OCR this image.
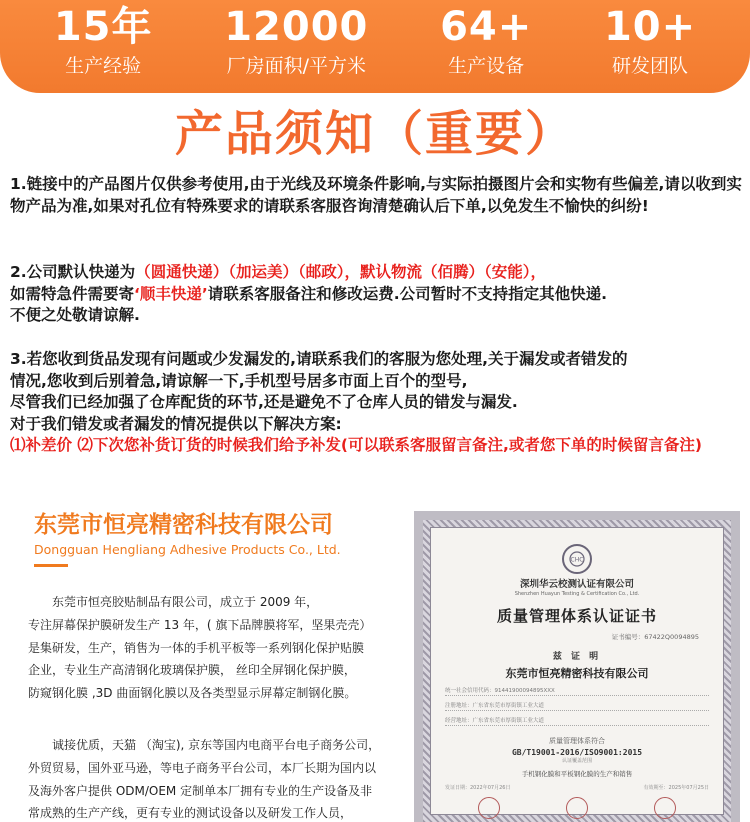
15年
生产经验
12000
厂房面积/平方米
64+
生产设备
10+
研发团队
产品须知（重要）
1.链接中的产品图片仅供参考使用,由于光线及环境条件影响,与实际拍摄图片会和实物有些偏差,请以收到实物产品为准,如果对孔位有特殊要求的请联系客服咨询清楚确认后下单,以免发生不愉快的纠纷!
2.公司默认快递为（圆通快递）（加运美）（邮政），默认物流（佰腾）（安能），
如需特急件需要寄‘顺丰快递’请联系客服备注和修改运费.公司暂时不支持指定其他快递.
不便之处敬请谅解.
3.若您收到货品发现有问题或少发漏发的,请联系我们的客服为您处理,关于漏发或者错发的
情况,您收到后别着急,请谅解一下,手机型号居多市面上百个的型号,
尽管我们已经加强了仓库配货的环节,还是避免不了仓库人员的错发与漏发.
对于我们错发或者漏发的情况提供以下解决方案:
⑴补差价 ⑵下次您补货订货的时候我们给予补发(可以联系客服留言备注,或者您下单的时候留言备注)
东莞市恒亮精密科技有限公司
Dongguan Hengliang Adhesive Products Co., Ltd.
　　东莞市恒亮胶贴制品有限公司，成立于 2009 年，
专注屏幕保护膜研发生产 13 年，( 旗下品牌膜将军，坚果壳壳）
是集研发，生产，销售为一体的手机平板等一系列钢化保护贴膜
企业，专业生产高清钢化玻璃保护膜， 丝印全屏钢化保护膜，
防窥钢化膜 ,3D 曲面钢化膜以及各类型显示屏幕定制钢化膜。
　　诚接优质，天猫 （淘宝), 京东等国内电商平台电子商务公司，
外贸贸易，国外亚马逊，等电子商务平台公司，本厂长期为国内以
及海外客户提供 ODM/OEM 定制单本厂拥有专业的生产设备及非
常成熟的生产产线，更有专业的测试设备以及研发工作人员，
CHC
深圳华云校测认证有限公司
Shenzhen Huayun Testing & Certification Co., Ltd.
质量管理体系认证证书
证书编号：67422Q0094895
兹 证 明
东莞市恒亮精密科技有限公司
统一社会信用代码：91441900094895XXX
注册地址：广东省东莞市厚街镇工业大道
经营地址：广东省东莞市厚街镇工业大道
质量管理体系符合
GB/T19001-2016/ISO9001:2015
认证覆盖范围
手机钢化膜和平板钢化膜的生产和销售
发证日期：2022年07月26日	有效期至：2025年07月25日
